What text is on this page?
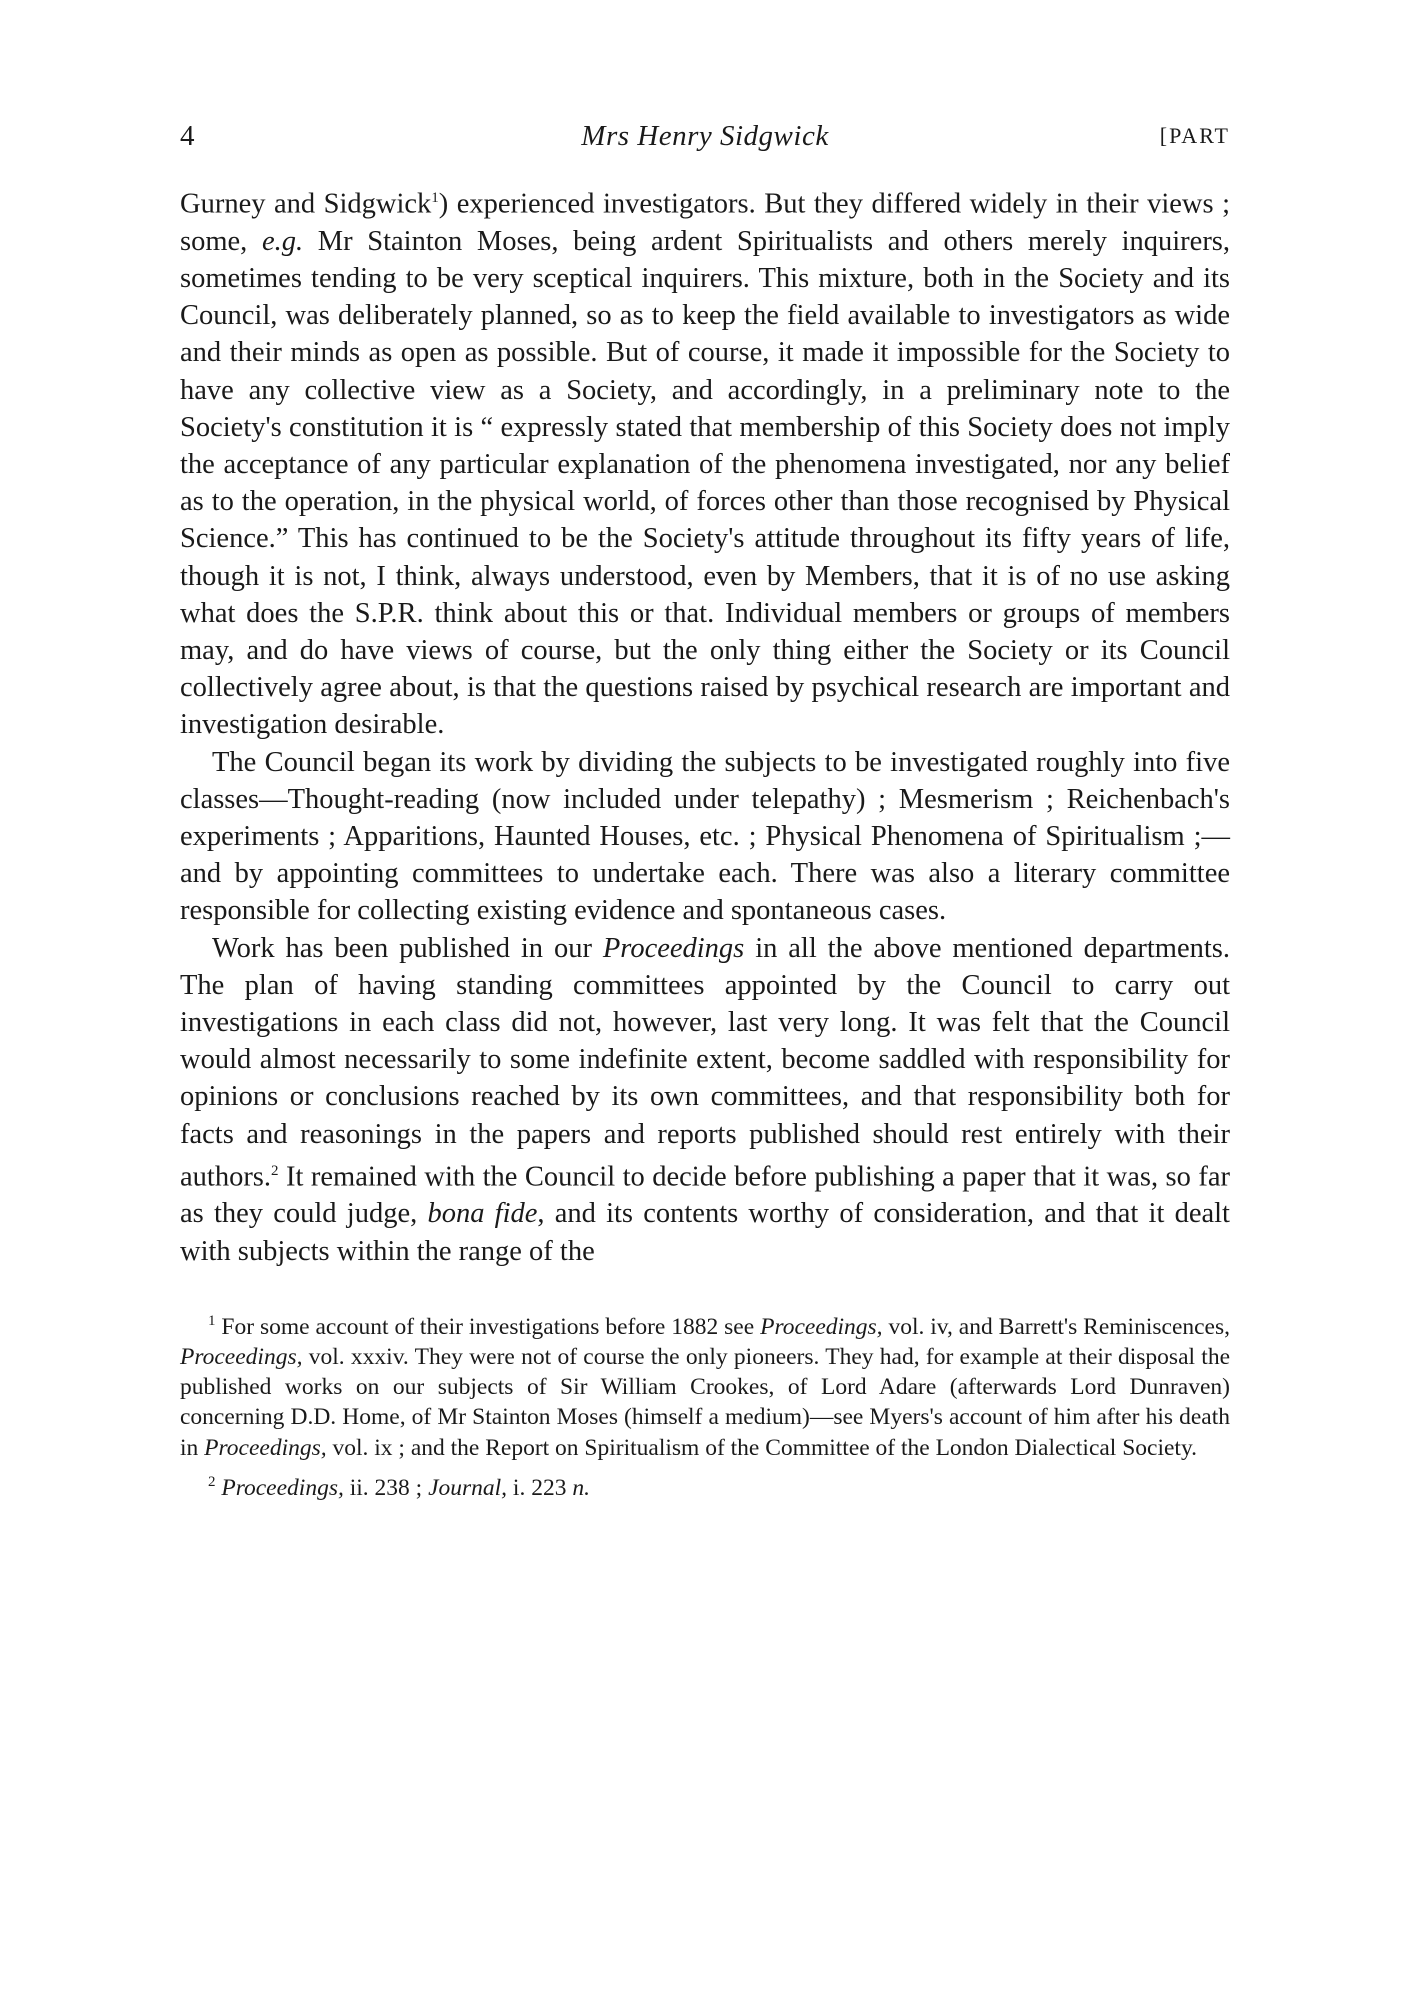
4	Mrs Henry Sidgwick	[PART

Gurney and Sidgwick$^1$) experienced investigators. But they differed widely in their views ; some, e.g. Mr Stainton Moses, being ardent Spiritualists and others merely inquirers, sometimes tending to be very sceptical inquirers. This mixture, both in the Society and its Council, was deliberately planned, so as to keep the field available to investigators as wide and their minds as open as possible. But of course, it made it impossible for the Society to have any collective view as a Society, and accordingly, in a preliminary note to the Society's constitution it is “ expressly stated that membership of this Society does not imply the acceptance of any particular explanation of the phenomena investigated, nor any belief as to the operation, in the physical world, of forces other than those recognised by Physical Science.” This has continued to be the Society's attitude throughout its fifty years of life, though it is not, I think, always understood, even by Members, that it is of no use asking what does the S.P.R. think about this or that. Individual members or groups of members may, and do have views of course, but the only thing either the Society or its Council collectively agree about, is that the questions raised by psychical research are important and investigation desirable.

The Council began its work by dividing the subjects to be investigated roughly into five classes—Thought-reading (now included under telepathy) ; Mesmerism ; Reichenbach's experiments ; Apparitions, Haunted Houses, etc. ; Physical Phenomena of Spiritualism ;—and by appointing committees to undertake each. There was also a literary committee responsible for collecting existing evidence and spontaneous cases.

Work has been published in our Proceedings in all the above mentioned departments. The plan of having standing committees appointed by the Council to carry out investigations in each class did not, however, last very long. It was felt that the Council would almost necessarily to some indefinite extent, become saddled with responsibility for opinions or conclusions reached by its own committees, and that responsibility both for facts and reasonings in the papers and reports published should rest entirely with their authors.$^2$ It remained with the Council to decide before publishing a paper that it was, so far as they could judge, bona fide, and its contents worthy of consideration, and that it dealt with subjects within the range of the

$^1$ For some account of their investigations before 1882 see Proceedings, vol. iv, and Barrett's Reminiscences, Proceedings, vol. xxxiv. They were not of course the only pioneers. They had, for example at their disposal the published works on our subjects of Sir William Crookes, of Lord Adare (afterwards Lord Dunraven) concerning D.D. Home, of Mr Stainton Moses (himself a medium)—see Myers's account of him after his death in Proceedings, vol. ix ; and the Report on Spiritualism of the Committee of the London Dialectical Society.

$^2$ Proceedings, ii. 238 ; Journal, i. 223 n.
